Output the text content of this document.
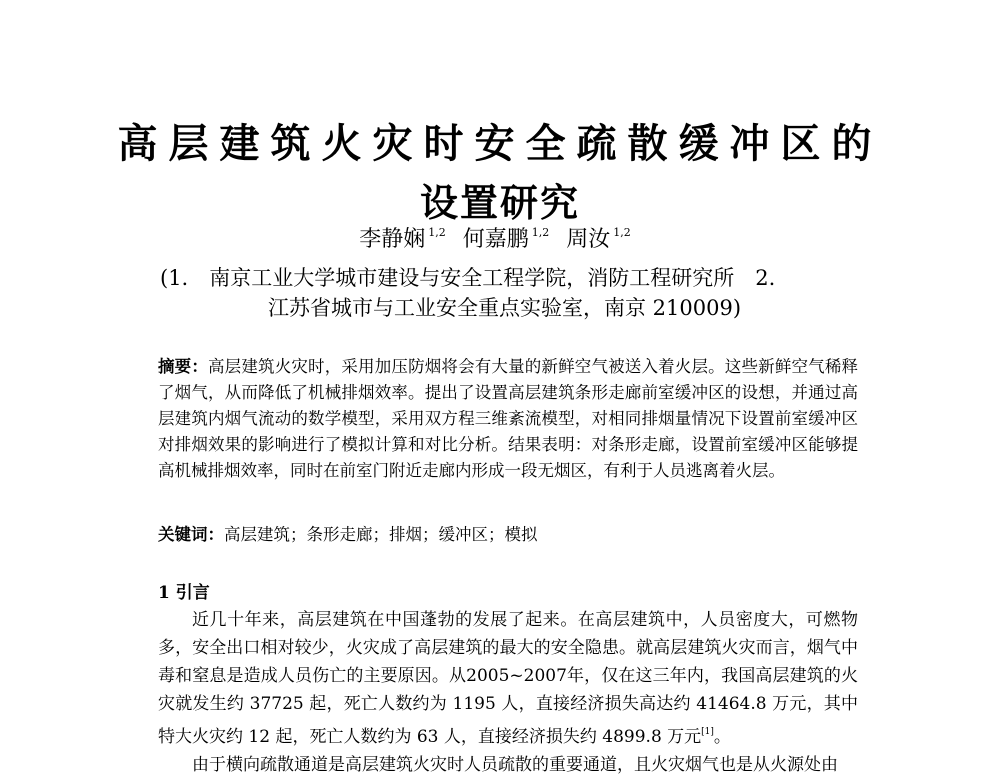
高层建筑火灾时安全疏散缓冲区的
设置研究
李静娴 $^{1,2}$ 何嘉鹏 $^{1,2}$ 周汝 $^{1,2}$
(1.　南京工业大学城市建设与安全工程学院，消防工程研究所　2.
江苏省城市与工业安全重点实验室，南京 210009)
摘要：高层建筑火灾时，采用加压防烟将会有大量的新鲜空气被送入着火层。这些新鲜空气稀释了烟气，从而降低了机械排烟效率。提出了设置高层建筑条形走廊前室缓冲区的设想，并通过高层建筑内烟气流动的数学模型，采用双方程三维紊流模型，对相同排烟量情况下设置前室缓冲区对排烟效果的影响进行了模拟计算和对比分析。结果表明：对条形走廊，设置前室缓冲区能够提高机械排烟效率，同时在前室门附近走廊内形成一段无烟区，有利于人员逃离着火层。
关键词：高层建筑；条形走廊；排烟；缓冲区；模拟
1 引言

近几十年来，高层建筑在中国蓬勃的发展了起来。在高层建筑中，人员密度大，可燃物多，安全出口相对较少，火灾成了高层建筑的最大的安全隐患。就高层建筑火灾而言，烟气中毒和窒息是造成人员伤亡的主要原因。从2005~2007年，仅在这三年内，我国高层建筑的火灾就发生约 37725 起，死亡人数约为 1195 人，直接经济损失高达约 41464.8 万元，其中特大火灾约 12 起，死亡人数约为 63 人，直接经济损失约 4899.8 万元[1]。

由于横向疏散通道是高层建筑火灾时人员疏散的重要通道，且火灾烟气也是从火源处由
